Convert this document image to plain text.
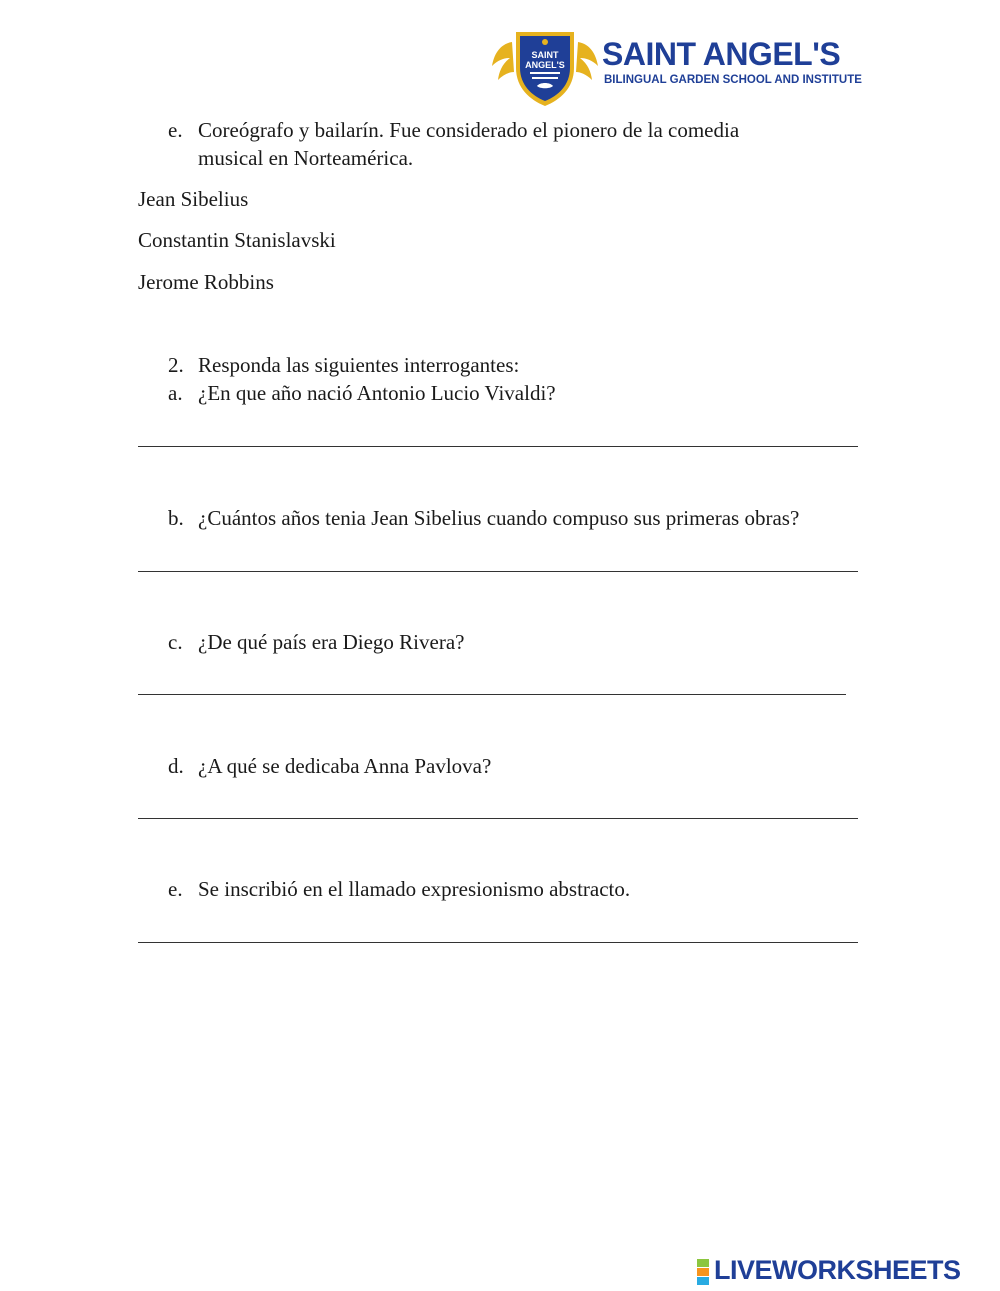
SAINT
ANGEL'S SAINT ANGEL'S
BILINGUAL GARDEN SCHOOL AND INSTITUTE
e. Coreógrafo y bailarín. Fue considerado el pionero de la comedia
musical en Norteamérica.
Jean Sibelius
Constantin Stanislavski
Jerome Robbins
2. Responda las siguientes interrogantes:
a. ¿En que año nació Antonio Lucio Vivaldi?
b. ¿Cuántos años tenia Jean Sibelius cuando compuso sus primeras obras?
c. ¿De qué país era Diego Rivera?
d. ¿A qué se dedicaba Anna Pavlova?
e. Se inscribió en el llamado expresionismo abstracto.
LIVEWORKSHEETS
